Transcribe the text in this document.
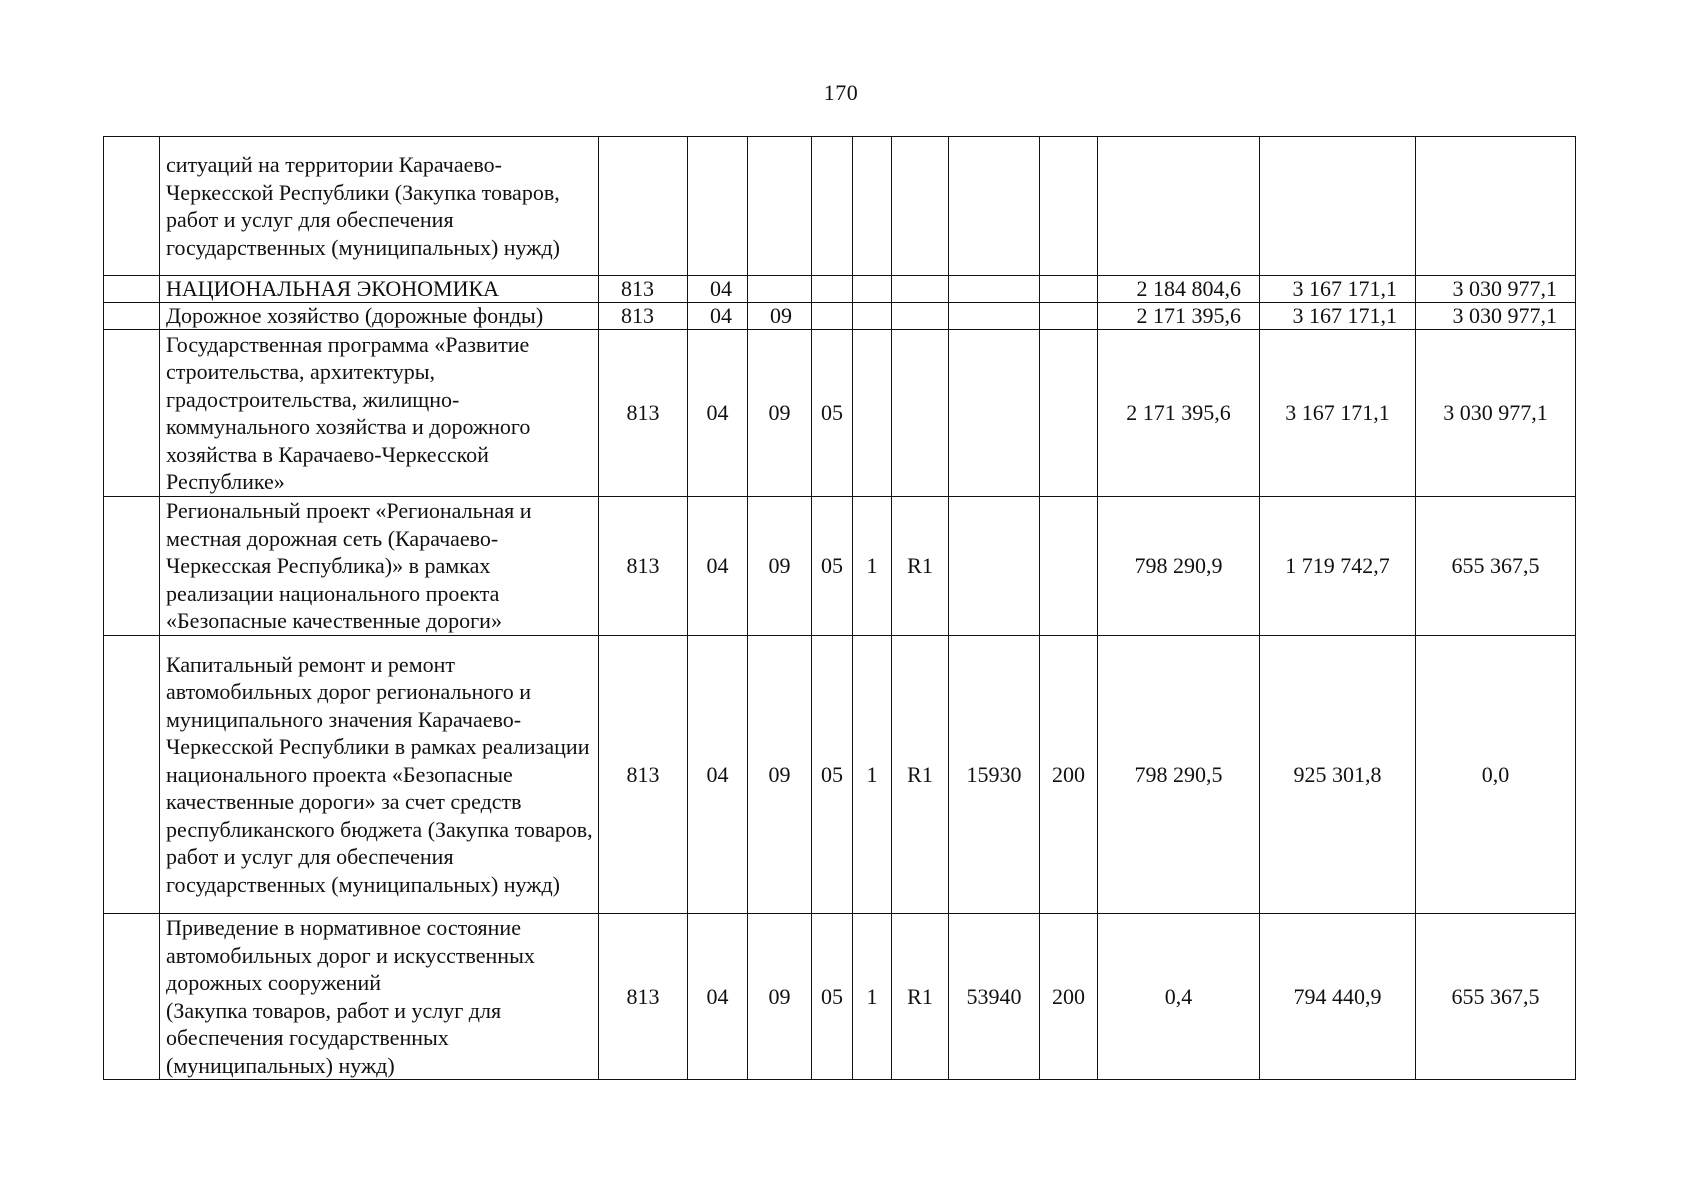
170
	ситуаций на территории Карачаево-Черкесской Республики (Закупка товаров, работ и услуг для обеспечения государственных (муниципальных) нужд)											
	НАЦИОНАЛЬНАЯ ЭКОНОМИКА	813	04							2 184 804,6	3 167 171,1	3 030 977,1
	Дорожное хозяйство (дорожные фонды)	813	04	09						2 171 395,6	3 167 171,1	3 030 977,1
	Государственная программа «Развитие строительства, архитектуры, градостроительства, жилищно-коммунального хозяйства и дорожного хозяйства в Карачаево-Черкесской Республике»	813	04	09	05					2 171 395,6	3 167 171,1	3 030 977,1
	Региональный проект «Региональная и местная дорожная сеть (Карачаево-Черкесская Республика)» в рамках реализации национального проекта «Безопасные качественные дороги»	813	04	09	05	1	R1			798 290,9	1 719 742,7	655 367,5
	Капитальный ремонт и ремонт автомобильных дорог регионального и муниципального значения Карачаево-Черкесской Республики в рамках реализации национального проекта «Безопасные качественные дороги» за счет средств республиканского бюджета (Закупка товаров, работ и услуг для обеспечения государственных (муниципальных) нужд)	813	04	09	05	1	R1	15930	200	798 290,5	925 301,8	0,0
	Приведение в нормативное состояние автомобильных дорог и искусственных дорожных сооружений
(Закупка товаров, работ и услуг для обеспечения государственных (муниципальных) нужд)	813	04	09	05	1	R1	53940	200	0,4	794 440,9	655 367,5
